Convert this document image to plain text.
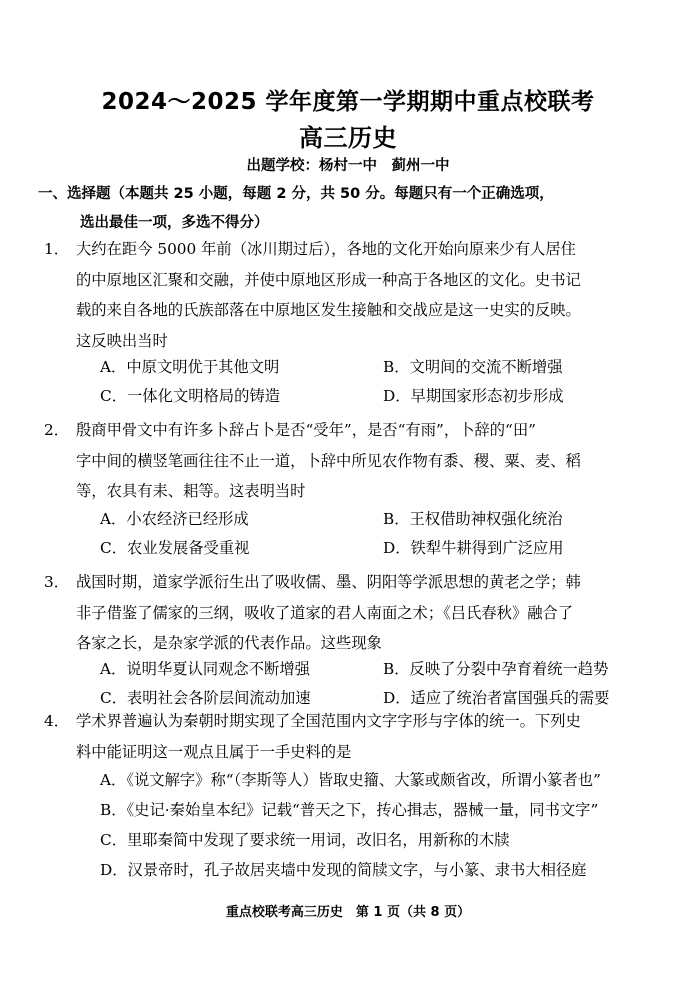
2024～2025 学年度第一学期期中重点校联考
高三历史
出题学校：杨村一中　蓟州一中
一、选择题（本题共 25 小题，每题 2 分，共 50 分。每题只有一个正确选项，
选出最佳一项，多选不得分）
1． 大约在距今 5000 年前（冰川期过后），各地的文化开始向原来少有人居住
的中原地区汇聚和交融，并使中原地区形成一种高于各地区的文化。史书记
载的来自各地的氏族部落在中原地区发生接触和交战应是这一史实的反映。
这反映出当时
A．中原文明优于其他文明	B．文明间的交流不断增强
C．一体化文明格局的铸造	D．早期国家形态初步形成
2． 殷商甲骨文中有许多卜辞占卜是否“受年”，是否“有雨”，卜辞的“田”
字中间的横竖笔画往往不止一道，卜辞中所见农作物有黍、稷、粟、麦、稻
等，农具有耒、耜等。这表明当时
A．小农经济已经形成	B．王权借助神权强化统治
C．农业发展备受重视	D．铁犁牛耕得到广泛应用
3． 战国时期，道家学派衍生出了吸收儒、墨、阴阳等学派思想的黄老之学；韩
非子借鉴了儒家的三纲，吸收了道家的君人南面之术；《吕氏春秋》融合了
各家之长，是杂家学派的代表作品。这些现象
A．说明华夏认同观念不断增强	B．反映了分裂中孕育着统一趋势
C．表明社会各阶层间流动加速	D．适应了统治者富国强兵的需要
4． 学术界普遍认为秦朝时期实现了全国范围内文字字形与字体的统一。下列史
料中能证明这一观点且属于一手史料的是
A．《说文解字》称“（李斯等人）皆取史籀、大篆或颇省改，所谓小篆者也”
B．《史记·秦始皇本纪》记载“普天之下，抟心揖志，器械一量，同书文字”
C．里耶秦简中发现了要求统一用词，改旧名，用新称的木牍
D．汉景帝时，孔子故居夹墙中发现的简牍文字，与小篆、隶书大相径庭
重点校联考高三历史　第 1 页（共 8 页）
